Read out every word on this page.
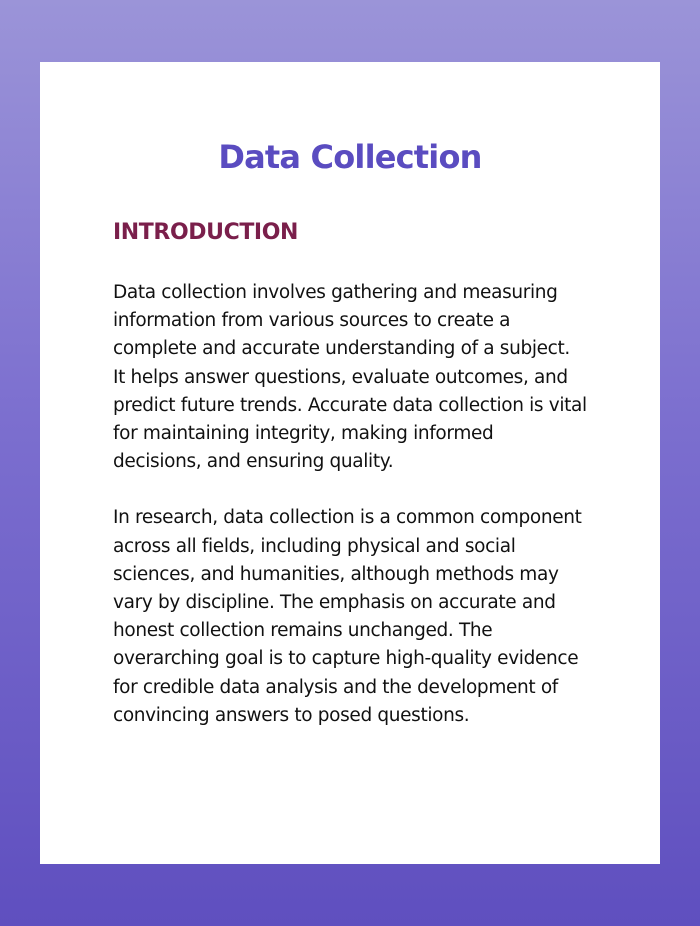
Data Collection
INTRODUCTION

Data collection involves gathering and measuring information from various sources to create a complete and accurate understanding of a subject. It helps answer questions, evaluate outcomes, and predict future trends. Accurate data collection is vital for maintaining integrity, making informed decisions, and ensuring quality.

In research, data collection is a common component across all fields, including physical and social sciences, and humanities, although methods may vary by discipline. The emphasis on accurate and honest collection remains unchanged. The overarching goal is to capture high-quality evidence for credible data analysis and the development of convincing answers to posed questions.
